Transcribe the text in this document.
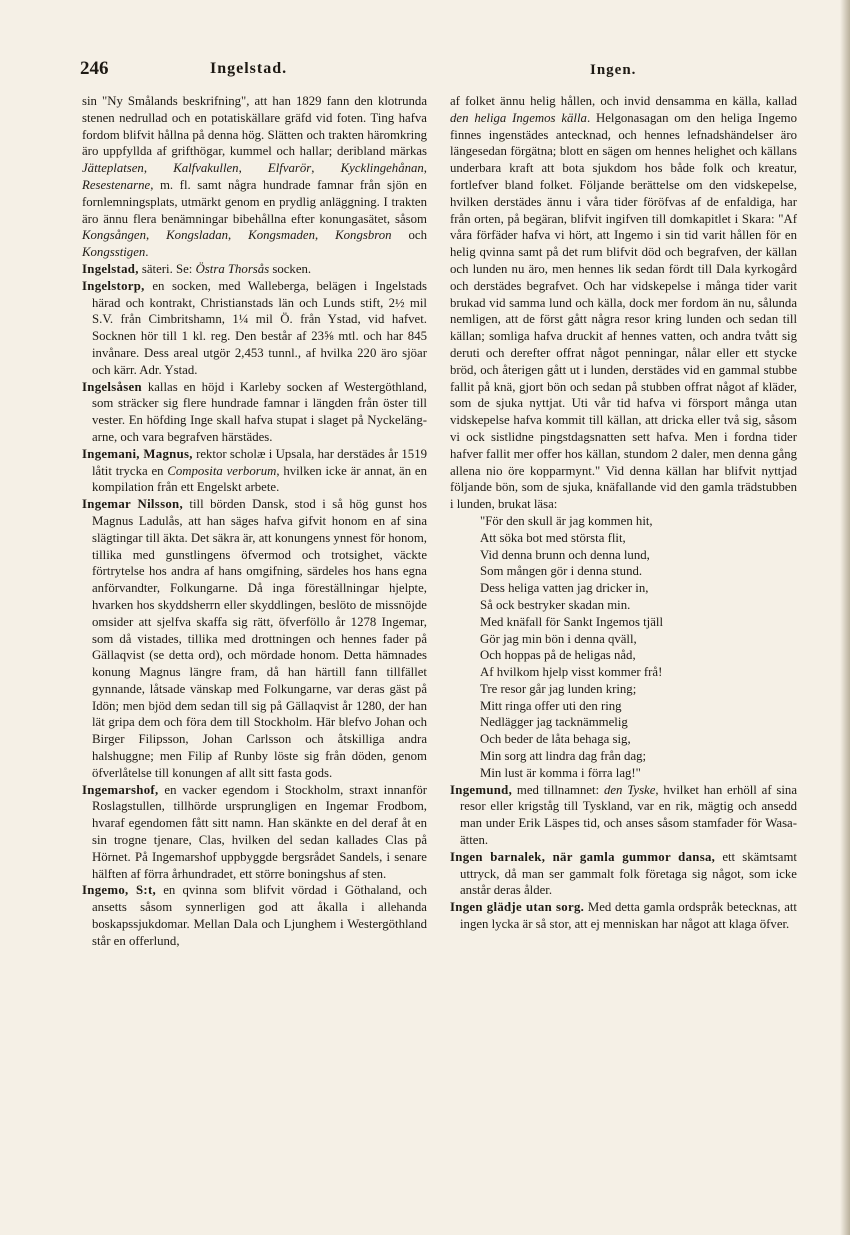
246	Ingelstad.	Ingen.

sin "Ny Smålands beskrifning", att han 1829 fann den klotrunda stenen nedrullad och en potatiskällare gräfd vid foten. Ting hafva fordom blifvit hållna på denna hög. Slätten och trakten häromkring äro uppfyllda af grifthögar, kummel och hallar; deribland märkas Jätteplatsen, Kalfvakullen, Elfvarör, Kycklingehånan, Resestenarne, m. fl. samt några hundrade famnar från sjön en fornlemningsplats, utmärkt genom en prydlig anläggning. I trakten äro ännu flera benämningar bibehållna efter konungasätet, såsom Kongsången, Kongsladan, Kongsmaden, Kongsbron och Kongsstigen.

Ingelstad, säteri. Se: Östra Thorsås socken.

Ingelstorp, en socken, med Walleberga, belägen i Ingelstads härad och kontrakt, Christianstads län och Lunds stift, 2½ mil S.V. från Cimbritshamn, 1¼ mil Ö. från Ystad, vid hafvet. Socknen hör till 1 kl. reg. Den består af 23⅝ mtl. och har 845 invånare. Dess areal utgör 2,453 tunnl., af hvilka 220 äro sjöar och kärr. Adr. Ystad.

Ingelsåsen kallas en höjd i Karleby socken af Westergöthland, som sträcker sig flere hundrade famnar i längden från öster till vester. En höfding Inge skall hafva stupat i slaget på Nyckelängarne, och vara begrafven härstädes.

Ingemani, Magnus, rektor scholæ i Upsala, har derstädes år 1519 låtit trycka en Composita verborum, hvilken icke är annat, än en kompilation från ett Engelskt arbete.

Ingemar Nilsson, till börden Dansk, stod i så hög gunst hos Magnus Ladulås, att han säges hafva gifvit honom en af sina slägtingar till äkta. Det säkra är, att konungens ynnest för honom, tillika med gunstlingens öfvermod och trotsighet, väckte förtrytelse hos andra af hans omgifning, särdeles hos hans egna anförvandter, Folkungarne. Då inga föreställningar hjelpte, hvarken hos skyddsherrn eller skyddlingen, beslöto de missnöjde omsider att sjelfva skaffa sig rätt, öfverföllo år 1278 Ingemar, som då vistades, tillika med drottningen och hennes fader på Gällaqvist (se detta ord), och mördade honom. Detta hämnades konung Magnus längre fram, då han härtill fann tillfället gynnande, låtsade vänskap med Folkungarne, var deras gäst på Idön; men bjöd dem sedan till sig på Gällaqvist år 1280, der han lät gripa dem och föra dem till Stockholm. Här blefvo Johan och Birger Filipsson, Johan Carlsson och åtskilliga andra halshuggne; men Filip af Runby löste sig från döden, genom öfverlåtelse till konungen af allt sitt fasta gods.

Ingemarshof, en vacker egendom i Stockholm, straxt innanför Roslagstullen, tillhörde ursprungligen en Ingemar Frodbom, hvaraf egendomen fått sitt namn. Han skänkte en del deraf åt en sin trogne tjenare, Clas, hvilken del sedan kallades Clas på Hörnet. På Ingemarshof uppbyggde bergsrådet Sandels, i senare hälften af förra århundradet, ett större boningshus af sten.

Ingemo, S:t, en qvinna som blifvit vördad i Göthaland, och ansetts såsom synnerligen god att åkalla i allehanda boskapssjukdomar. Mellan Dala och Ljunghem i Westergöthland står en offerlund,

af folket ännu helig hållen, och invid densamma en källa, kallad den heliga Ingemos källa. Helgonasagan om den heliga Ingemo finnes ingenstädes antecknad, och hennes lefnadshändelser äro längesedan förgätna; blott en sägen om hennes helighet och källans underbara kraft att bota sjukdom hos både folk och kreatur, fortlefver bland folket. Följande berättelse om den vidskepelse, hvilken derstädes ännu i våra tider föröfvas af de enfaldiga, har från orten, på begäran, blifvit ingifven till domkapitlet i Skara: "Af våra förfäder hafva vi hört, att Ingemo i sin tid varit hållen för en helig qvinna samt på det rum blifvit död och begrafven, der källan och lunden nu äro, men hennes lik sedan fördt till Dala kyrkogård och derstädes begrafvet. Och har vidskepelse i många tider varit brukad vid samma lund och källa, dock mer fordom än nu, sålunda nemligen, att de först gått några resor kring lunden och sedan till källan; somliga hafva druckit af hennes vatten, och andra tvått sig deruti och derefter offrat något penningar, nålar eller ett stycke bröd, och återigen gått ut i lunden, derstädes vid en gammal stubbe fallit på knä, gjort bön och sedan på stubben offrat något af kläder, som de sjuka nyttjat. Uti vår tid hafva vi försport många utan vidskepelse hafva kommit till källan, att dricka eller två sig, såsom vi ock sistlidne pingstdagsnatten sett hafva. Men i fordna tider hafver fallit mer offer hos källan, stundom 2 daler, men denna gång allena nio öre kopparmynt." Vid denna källan har blifvit nyttjad följande bön, som de sjuka, knäfallande vid den gamla trädstubben i lunden, brukat läsa:

"För den skull är jag kommen hit,
Att söka bot med största flit,
Vid denna brunn och denna lund,
Som mången gör i denna stund.
Dess heliga vatten jag dricker in,
Så ock bestryker skadan min.
Med knäfall för Sankt Ingemos tjäll
Gör jag min bön i denna qväll,
Och hoppas på de heligas nåd,
Af hvilkom hjelp visst kommer frå!
Tre resor går jag lunden kring;
Mitt ringa offer uti den ring
Nedlägger jag tacknämmelig
Och beder de låta behaga sig,
Min sorg att lindra dag från dag;
Min lust är komma i förra lag!"

Ingemund, med tillnamnet: den Tyske, hvilket han erhöll af sina resor eller krigståg till Tyskland, var en rik, mägtig och ansedd man under Erik Läspes tid, och anses såsom stamfader för Wasa-ätten.

Ingen barnalek, när gamla gummor dansa, ett skämtsamt uttryck, då man ser gammalt folk företaga sig något, som icke anstår deras ålder.

Ingen glädje utan sorg. Med detta gamla ordspråk betecknas, att ingen lycka är så stor, att ej menniskan har något att klaga öfver.
